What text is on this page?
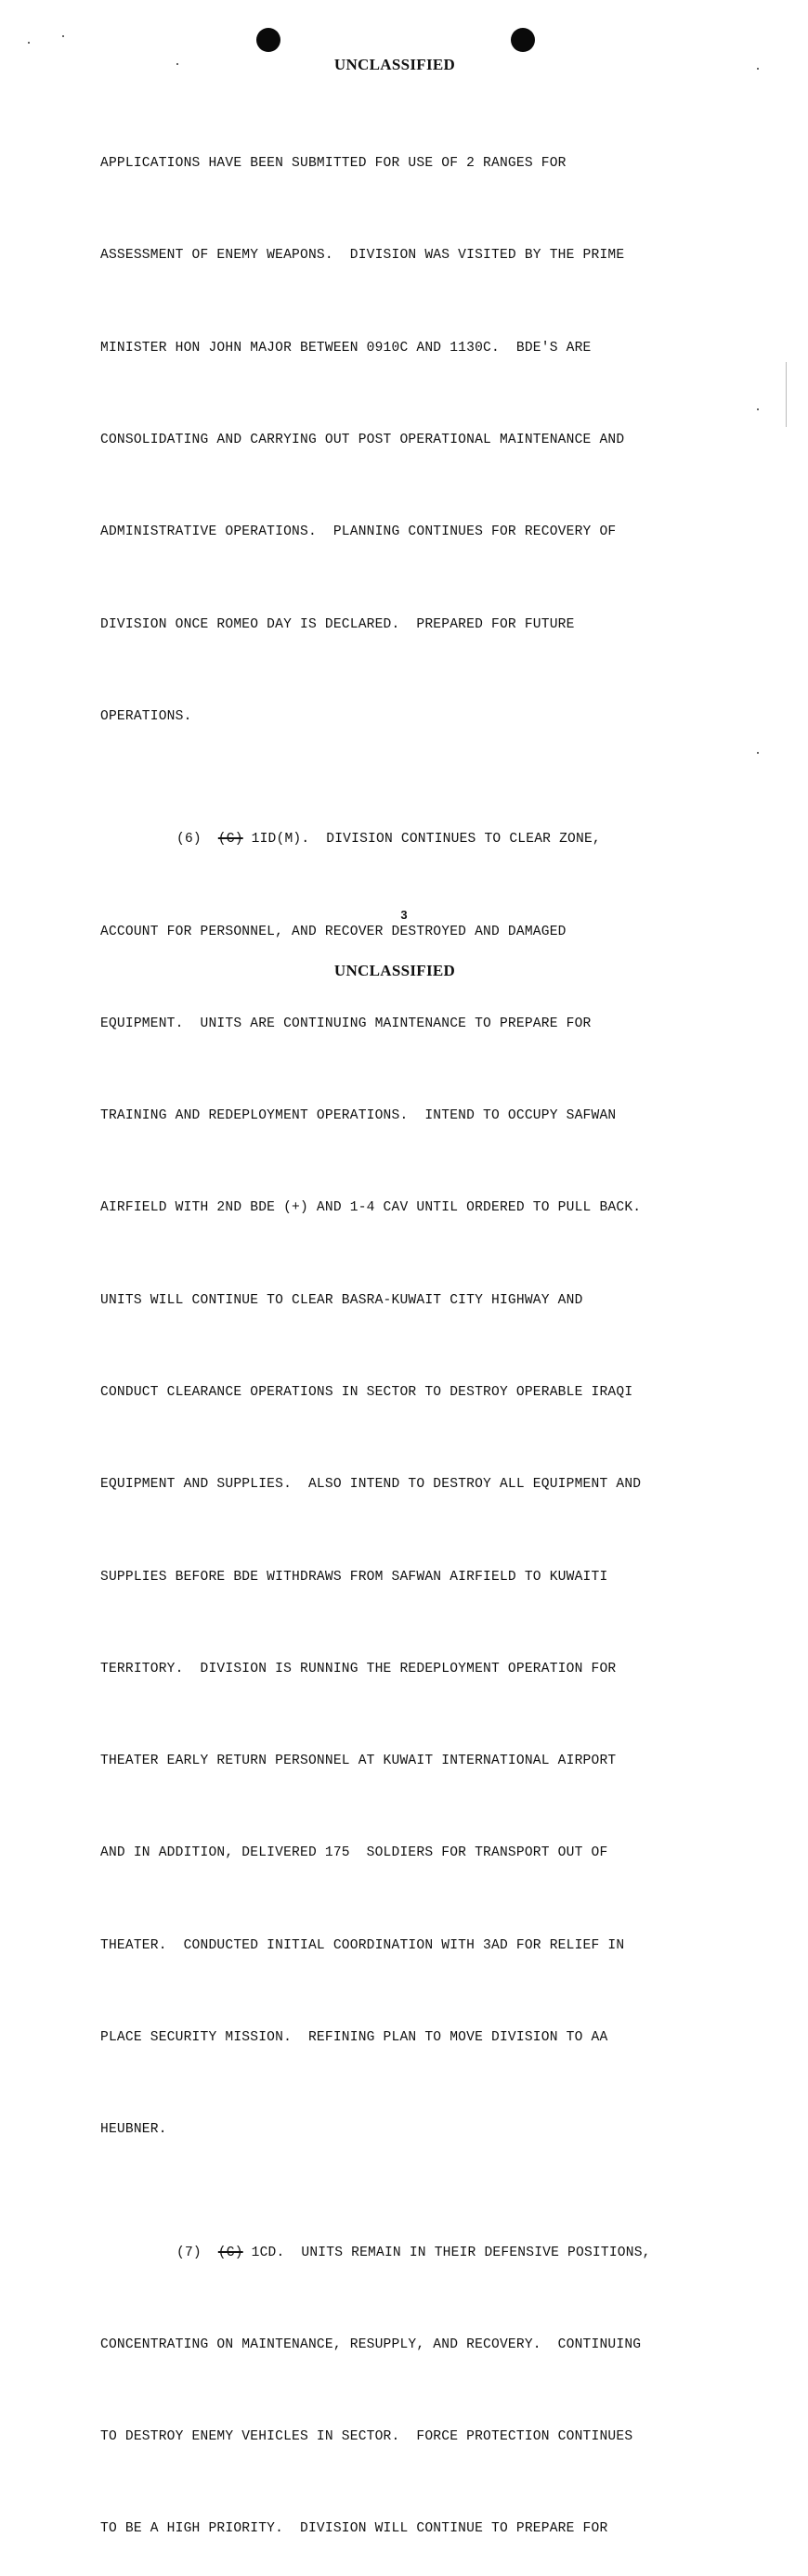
UNCLASSIFIED

APPLICATIONS HAVE BEEN SUBMITTED FOR USE OF 2 RANGES FOR

ASSESSMENT OF ENEMY WEAPONS.  DIVISION WAS VISITED BY THE PRIME

MINISTER HON JOHN MAJOR BETWEEN 0910C AND 1130C.  BDE'S ARE

CONSOLIDATING AND CARRYING OUT POST OPERATIONAL MAINTENANCE AND

ADMINISTRATIVE OPERATIONS.  PLANNING CONTINUES FOR RECOVERY OF

DIVISION ONCE ROMEO DAY IS DECLARED.  PREPARED FOR FUTURE

OPERATIONS.

(6) (C) 1ID(M).  DIVISION CONTINUES TO CLEAR ZONE,

ACCOUNT FOR PERSONNEL, AND RECOVER DESTROYED AND DAMAGED

EQUIPMENT.  UNITS ARE CONTINUING MAINTENANCE TO PREPARE FOR

TRAINING AND REDEPLOYMENT OPERATIONS.  INTEND TO OCCUPY SAFWAN

AIRFIELD WITH 2ND BDE (+) AND 1-4 CAV UNTIL ORDERED TO PULL BACK.

UNITS WILL CONTINUE TO CLEAR BASRA-KUWAIT CITY HIGHWAY AND

CONDUCT CLEARANCE OPERATIONS IN SECTOR TO DESTROY OPERABLE IRAQI

EQUIPMENT AND SUPPLIES.  ALSO INTEND TO DESTROY ALL EQUIPMENT AND

SUPPLIES BEFORE BDE WITHDRAWS FROM SAFWAN AIRFIELD TO KUWAITI

TERRITORY.  DIVISION IS RUNNING THE REDEPLOYMENT OPERATION FOR

THEATER EARLY RETURN PERSONNEL AT KUWAIT INTERNATIONAL AIRPORT

AND IN ADDITION, DELIVERED 175  SOLDIERS FOR TRANSPORT OUT OF

THEATER.  CONDUCTED INITIAL COORDINATION WITH 3AD FOR RELIEF IN

PLACE SECURITY MISSION.  REFINING PLAN TO MOVE DIVISION TO AA

HEUBNER.

(7) (C) 1CD.  UNITS REMAIN IN THEIR DEFENSIVE POSITIONS,

CONCENTRATING ON MAINTENANCE, RESUPPLY, AND RECOVERY.  CONTINUING

TO DESTROY ENEMY VEHICLES IN SECTOR.  FORCE PROTECTION CONTINUES

TO BE A HIGH PRIORITY.  DIVISION WILL CONTINUE TO PREPARE FOR

3
UNCLASSIFIED
